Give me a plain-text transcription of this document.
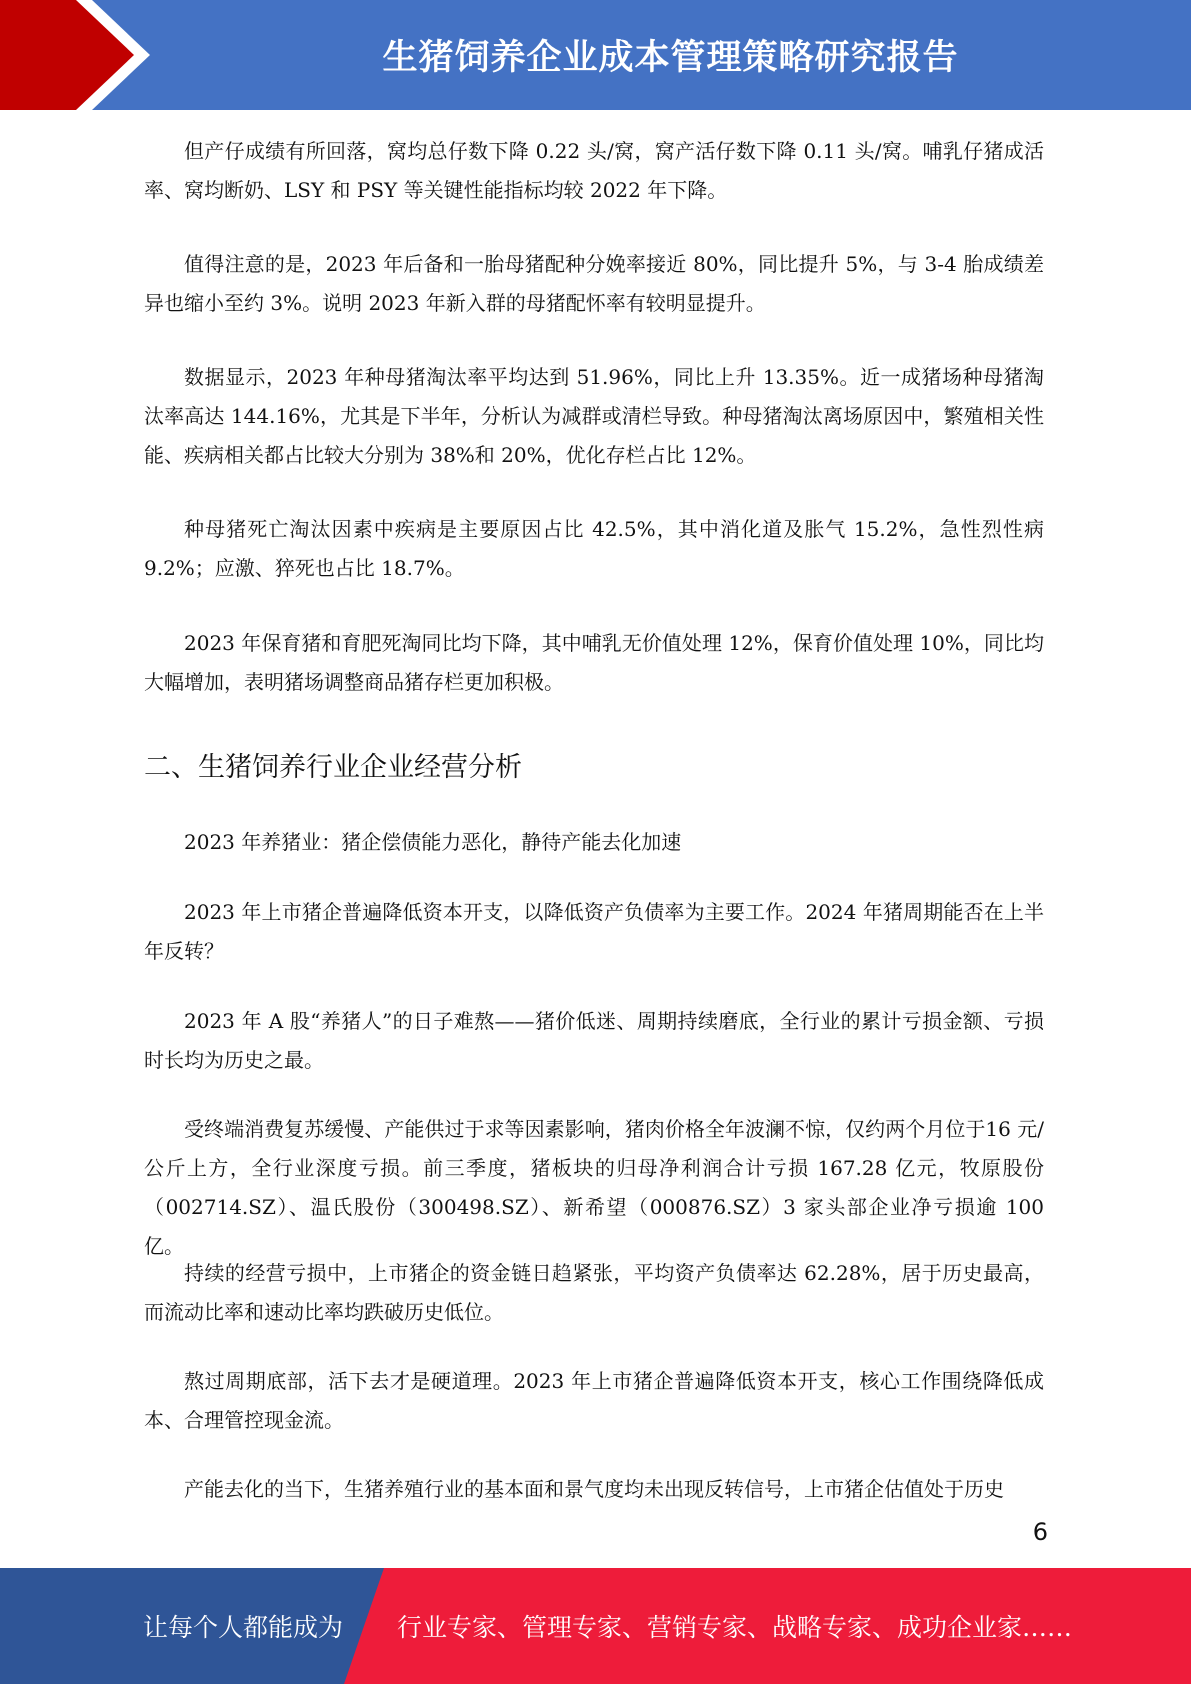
生猪饲养企业成本管理策略研究报告

但产仔成绩有所回落，窝均总仔数下降 0.22 头/窝，窝产活仔数下降 0.11 头/窝。哺乳仔猪成活率、窝均断奶、LSY 和 PSY 等关键性能指标均较 2022 年下降。

值得注意的是，2023 年后备和一胎母猪配种分娩率接近 80%，同比提升 5%，与 3-4 胎成绩差异也缩小至约 3%。说明 2023 年新入群的母猪配怀率有较明显提升。

数据显示，2023 年种母猪淘汰率平均达到 51.96%，同比上升 13.35%。近一成猪场种母猪淘汰率高达 144.16%，尤其是下半年，分析认为减群或清栏导致。种母猪淘汰离场原因中，繁殖相关性能、疾病相关都占比较大分别为 38%和 20%，优化存栏占比 12%。

种母猪死亡淘汰因素中疾病是主要原因占比 42.5%，其中消化道及胀气 15.2%，急性烈性病 9.2%；应激、猝死也占比 18.7%。

2023 年保育猪和育肥死淘同比均下降，其中哺乳无价值处理 12%，保育价值处理 10%，同比均大幅增加，表明猪场调整商品猪存栏更加积极。

二、生猪饲养行业企业经营分析

2023 年养猪业：猪企偿债能力恶化，静待产能去化加速

2023 年上市猪企普遍降低资本开支，以降低资产负债率为主要工作。2024 年猪周期能否在上半年反转？

2023 年 A 股“养猪人”的日子难熬——猪价低迷、周期持续磨底，全行业的累计亏损金额、亏损时长均为历史之最。

受终端消费复苏缓慢、产能供过于求等因素影响，猪肉价格全年波澜不惊，仅约两个月位于16 元/公斤上方，全行业深度亏损。前三季度，猪板块的归母净利润合计亏损 167.28 亿元，牧原股份（002714.SZ）、温氏股份（300498.SZ）、新希望（000876.SZ）3 家头部企业净亏损逾 100 亿。

持续的经营亏损中，上市猪企的资金链日趋紧张，平均资产负债率达 62.28%，居于历史最高，而流动比率和速动比率均跌破历史低位。

熬过周期底部，活下去才是硬道理。2023 年上市猪企普遍降低资本开支，核心工作围绕降低成本、合理管控现金流。

产能去化的当下，生猪养殖行业的基本面和景气度均未出现反转信号，上市猪企估值处于历史

6
让每个人都能成为 行业专家、管理专家、营销专家、战略专家、成功企业家……
